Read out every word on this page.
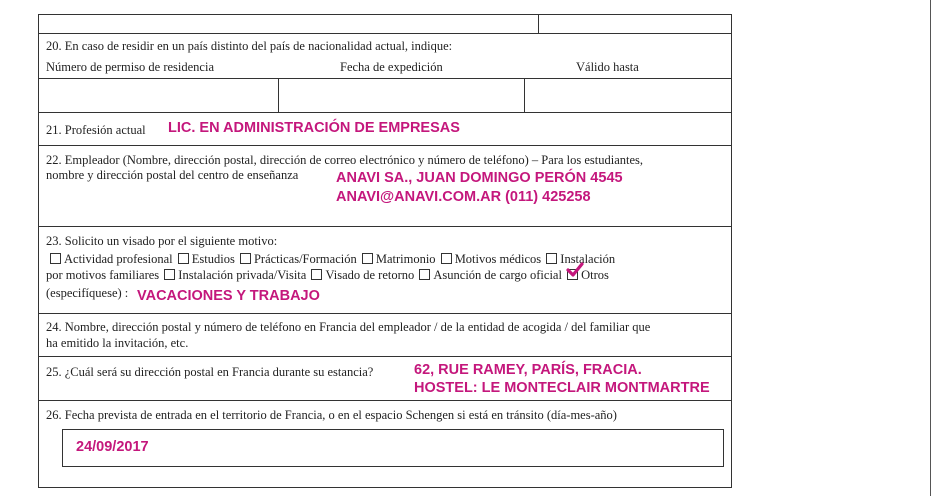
20. En caso de residir en un país distinto del país de nacionalidad actual, indique:
Número de permiso de residencia	Fecha de expedición	Válido hasta
21. Profesión actual LIC. EN ADMINISTRACIÓN DE EMPRESAS
22. Empleador (Nombre, dirección postal, dirección de correo electrónico y número de teléfono) – Para los estudiantes,
nombre y dirección postal del centro de enseñanza	ANAVI SA., JUAN DOMINGO PERÓN 4545
ANAVI@ANAVI.COM.AR (011) 425258
23. Solicito un visado por el siguiente motivo:
Actividad profesional Estudios Prácticas/Formación Matrimonio Motivos médicos Instalación
por motivos familiares Instalación privada/Visita Visado de retorno Asunción de cargo oficial Otros
(especifíquese) : VACACIONES Y TRABAJO
24. Nombre, dirección postal y número de teléfono en Francia del empleador / de la entidad de acogida / del familiar que
ha emitido la invitación, etc.
25. ¿Cuál será su dirección postal en Francia durante su estancia?	62, RUE RAMEY, PARÍS, FRACIA.
HOSTEL: LE MONTECLAIR MONTMARTRE
26. Fecha prevista de entrada en el territorio de Francia, o en el espacio Schengen si está en tránsito (día-mes-año)
24/09/2017
